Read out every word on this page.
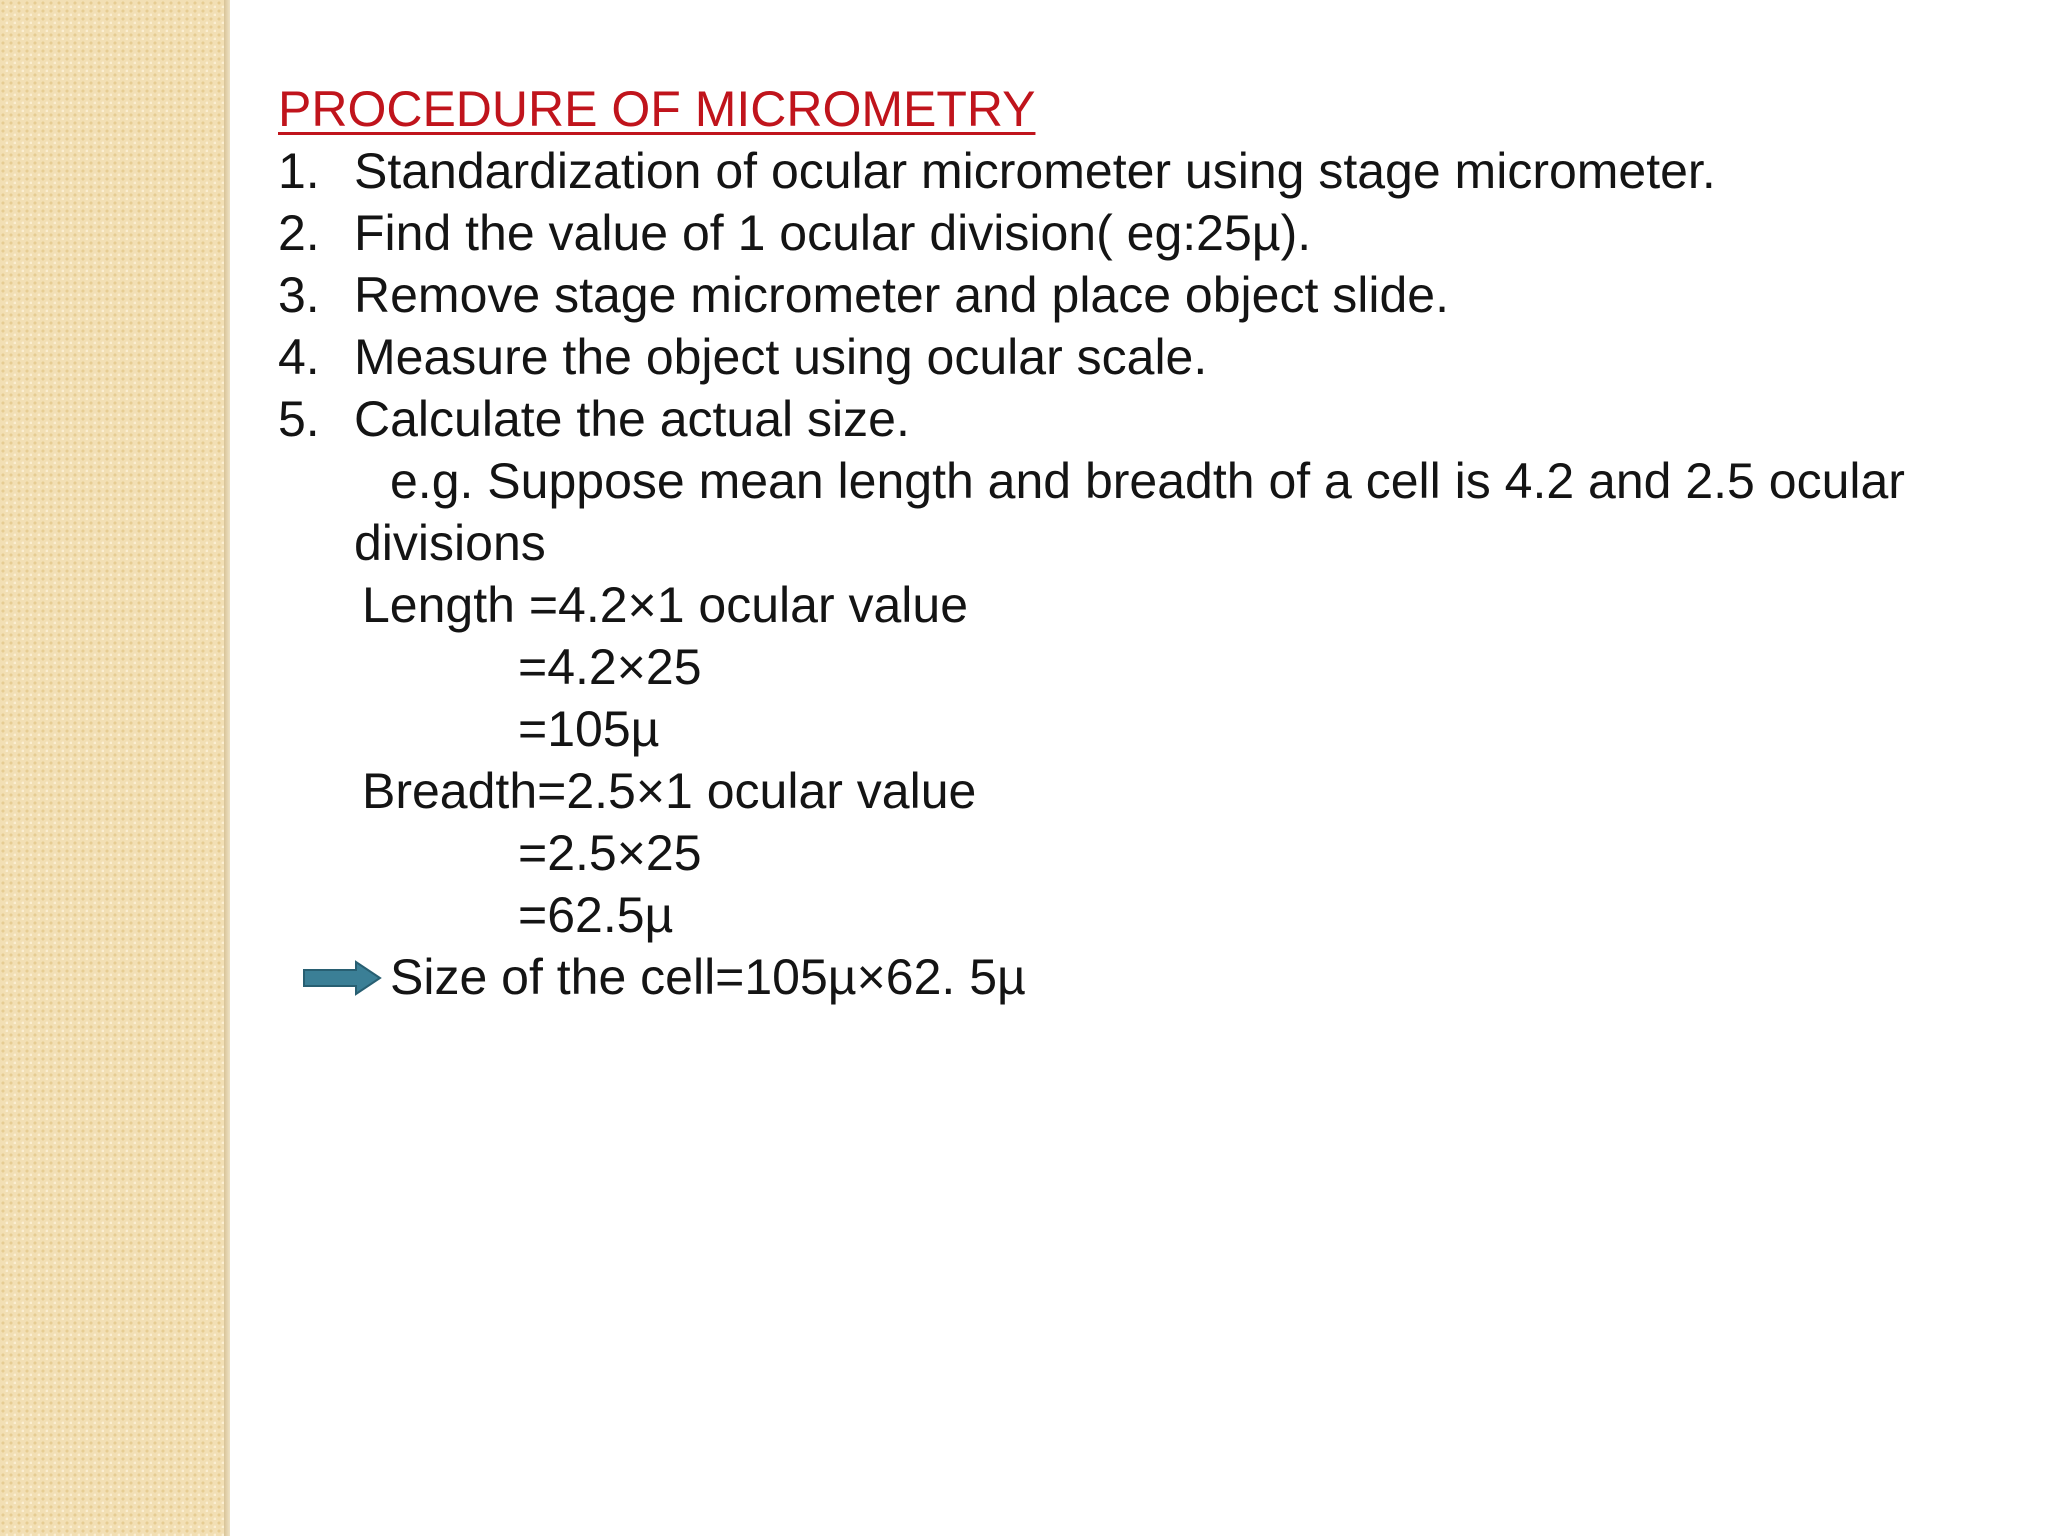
PROCEDURE OF MICROMETRY
1. Standardization of ocular micrometer using stage micrometer.
2. Find the value of 1 ocular division( eg:25µ).
3. Remove stage micrometer and place object slide.
4. Measure the object using ocular scale.
5. Calculate the actual size.
e.g. Suppose mean length and breadth of a cell is 4.2 and 2.5 ocular
divisions
Length =4.2×1 ocular value
=4.2×25
=105µ
Breadth=2.5×1 ocular value
=2.5×25
=62.5µ
Size of the cell=105µ×62. 5µ
